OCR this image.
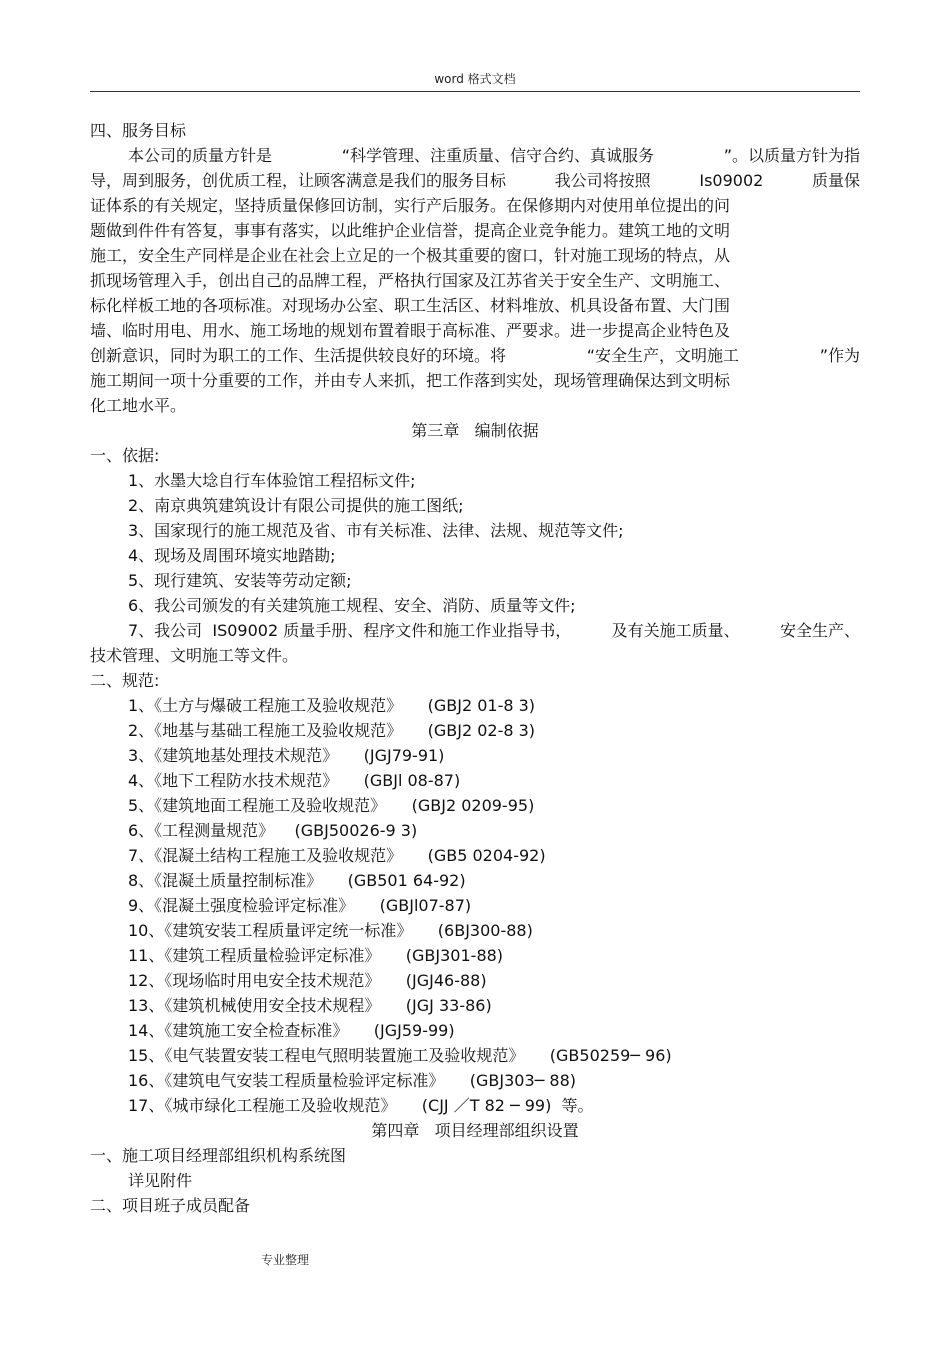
word 格式文档
四、服务目标
本公司的质量方针是	“科学管理、注重质量、信守合约、真诚服务	”。以质量方针为指
导，周到服务，创优质工程，让顾客满意是我们的服务目标	我公司将按照	Is09002	质量保
证体系的有关规定，坚持质量保修回访制，实行产后服务。在保修期内对使用单位提出的问
题做到件件有答复，事事有落实，以此维护企业信誉，提高企业竞争能力。建筑工地的文明
施工，安全生产同样是企业在社会上立足的一个极其重要的窗口，针对施工现场的特点，从
抓现场管理入手，创出自己的品牌工程，严格执行国家及江苏省关于安全生产、文明施工、
标化样板工地的各项标准。对现场办公室、职工生活区、材料堆放、机具设备布置、大门围
墙、临时用电、用水、施工场地的规划布置着眼于高标准、严要求。进一步提高企业特色及
创新意识，同时为职工的工作、生活提供较良好的环境。将	“安全生产，文明施工	”作为
施工期间一项十分重要的工作，并由专人来抓，把工作落到实处，现场管理确保达到文明标
化工地水平。
第三章   编制依据
一、依据:
1、水墨大埝自行车体验馆工程招标文件;
2、南京典筑建筑设计有限公司提供的施工图纸;
3、国家现行的施工规范及省、市有关标准、法律、法规、规范等文件;
4、现场及周围环境实地踏勘;
5、现行建筑、安装等劳动定额;
6、我公司颁发的有关建筑施工规程、安全、消防、质量等文件;
7、我公司  IS09002 质量手册、程序文件和施工作业指导书，	及有关施工质量、	安全生产、
技术管理、文明施工等文件。
二、规范:
1、《土方与爆破工程施工及验收规范》     (GBJ2 01-8 3)
2、《地基与基础工程施工及验收规范》     (GBJ2 02-8 3)
3、《建筑地基处理技术规范》     (JGJ79-91)
4、《地下工程防水技术规范》     (GBJl 08-87)
5、《建筑地面工程施工及验收规范》     (GBJ2 0209-95)
6、《工程测量规范》    (GBJ50026-9 3)
7、《混凝土结构工程施工及验收规范》     (GB5 0204-92)
8、《混凝土质量控制标准》     (GB501 64-92)
9、《混凝土强度检验评定标准》     (GBJl07-87)
10、《建筑安装工程质量评定统一标准》     (6BJ300-88)
11、《建筑工程质量检验评定标准》     (GBJ301-88)
12、《现场临时用电安全技术规范》     (JGJ46-88)
13、《建筑机械使用安全技术规程》     (JGJ 33-86)
14、《建筑施工安全检查标准》     (JGJ59-99)
15、《电气装置安装工程电气照明装置施工及验收规范》     (GB50259─ 96)
16、《建筑电气安装工程质量检验评定标准》     (GBJ303─ 88)
17、《城市绿化工程施工及验收规范》     (CJJ ／T 82 ─ 99)  等。
第四章   项目经理部组织设置
一、施工项目经理部组织机构系统图
详见附件
二、项目班子成员配备
专业整理
